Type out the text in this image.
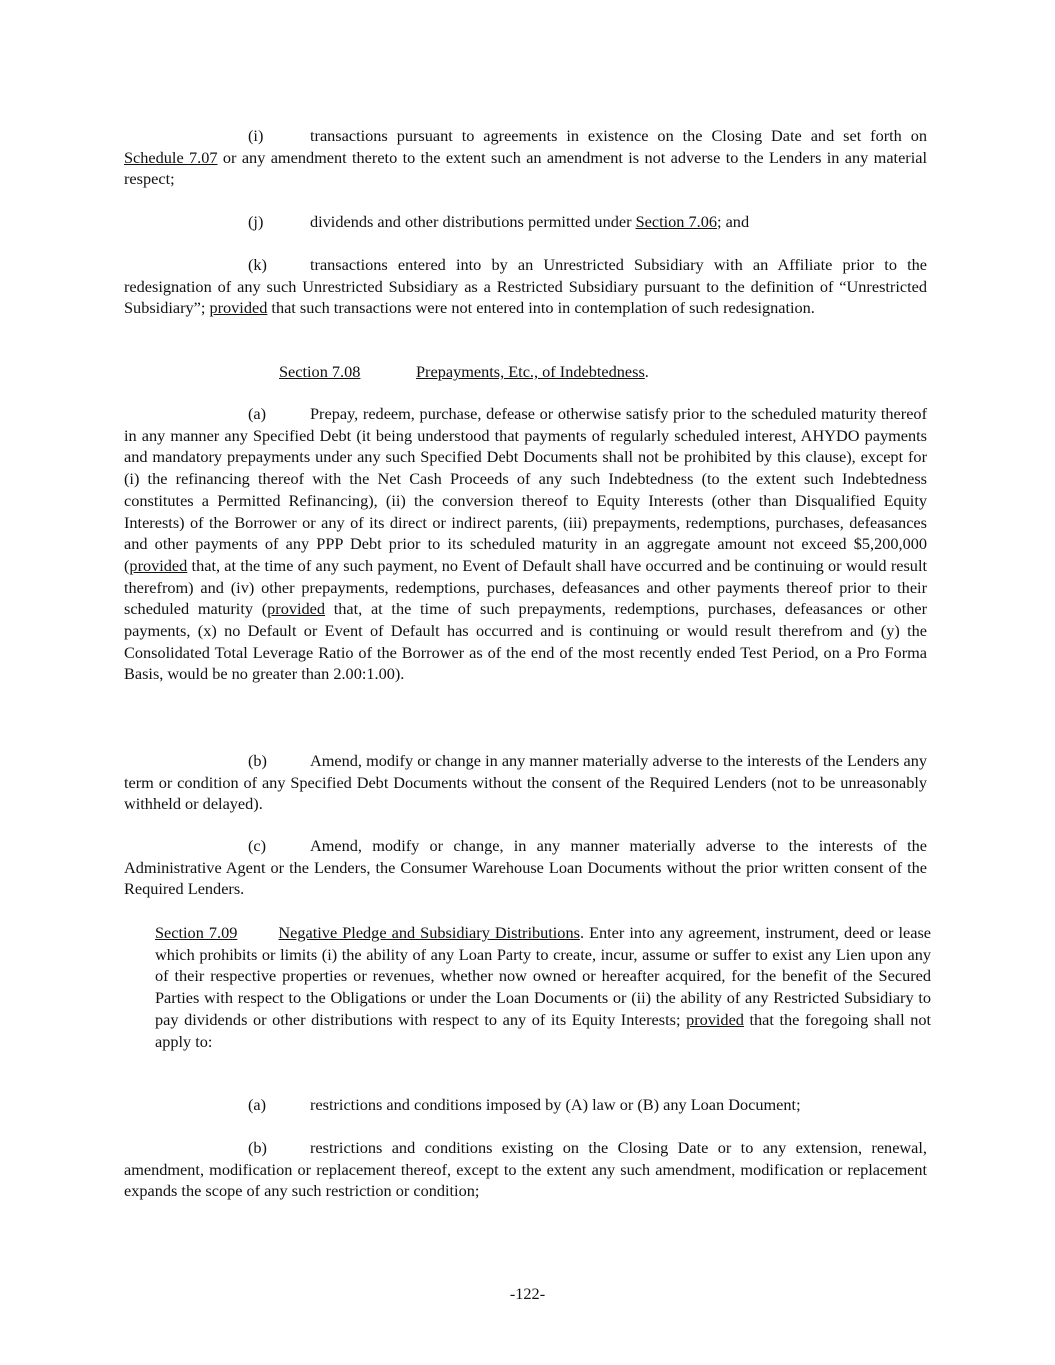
(i)	transactions pursuant to agreements in existence on the Closing Date and set forth on Schedule 7.07 or any amendment thereto to the extent such an amendment is not adverse to the Lenders in any material respect;

(j)	dividends and other distributions permitted under Section 7.06; and

(k)	transactions entered into by an Unrestricted Subsidiary with an Affiliate prior to the redesignation of any such Unrestricted Subsidiary as a Restricted Subsidiary pursuant to the definition of “Unrestricted Subsidiary”; provided that such transactions were not entered into in contemplation of such redesignation.

Section 7.08	Prepayments, Etc., of Indebtedness.

(a)	Prepay, redeem, purchase, defease or otherwise satisfy prior to the scheduled maturity thereof in any manner any Specified Debt (it being understood that payments of regularly scheduled interest, AHYDO payments and mandatory prepayments under any such Specified Debt Documents shall not be prohibited by this clause), except for (i) the refinancing thereof with the Net Cash Proceeds of any such Indebtedness (to the extent such Indebtedness constitutes a Permitted Refinancing), (ii) the conversion thereof to Equity Interests (other than Disqualified Equity Interests) of the Borrower or any of its direct or indirect parents, (iii) prepayments, redemptions, purchases, defeasances and other payments of any PPP Debt prior to its scheduled maturity in an aggregate amount not exceed $5,200,000 (provided that, at the time of any such payment, no Event of Default shall have occurred and be continuing or would result therefrom) and (iv) other prepayments, redemptions, purchases, defeasances and other payments thereof prior to their scheduled maturity (provided that, at the time of such prepayments, redemptions, purchases, defeasances or other payments, (x) no Default or Event of Default has occurred and is continuing or would result therefrom and (y) the Consolidated Total Leverage Ratio of the Borrower as of the end of the most recently ended Test Period, on a Pro Forma Basis, would be no greater than 2.00:1.00).

(b)	Amend, modify or change in any manner materially adverse to the interests of the Lenders any term or condition of any Specified Debt Documents without the consent of the Required Lenders (not to be unreasonably withheld or delayed).

(c)	Amend, modify or change, in any manner materially adverse to the interests of the Administrative Agent or the Lenders, the Consumer Warehouse Loan Documents without the prior written consent of the Required Lenders.

Section 7.09	Negative Pledge and Subsidiary Distributions. Enter into any agreement, instrument, deed or lease which prohibits or limits (i) the ability of any Loan Party to create, incur, assume or suffer to exist any Lien upon any of their respective properties or revenues, whether now owned or hereafter acquired, for the benefit of the Secured Parties with respect to the Obligations or under the Loan Documents or (ii) the ability of any Restricted Subsidiary to pay dividends or other distributions with respect to any of its Equity Interests; provided that the foregoing shall not apply to:

(a)	restrictions and conditions imposed by (A) law or (B) any Loan Document;

(b)	restrictions and conditions existing on the Closing Date or to any extension, renewal, amendment, modification or replacement thereof, except to the extent any such amendment, modification or replacement expands the scope of any such restriction or condition;

-122-
